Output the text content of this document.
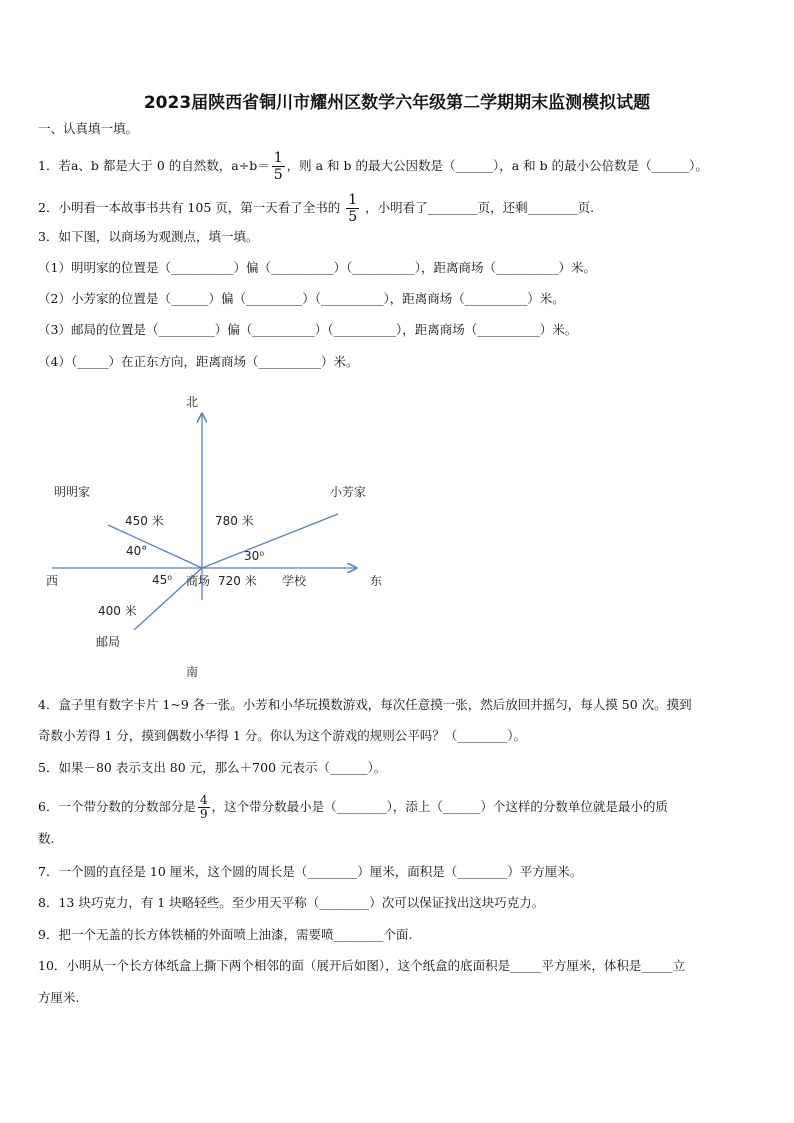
2023届陕西省铜川市耀州区数学六年级第二学期期末监测模拟试题
一、认真填一填。
1．若a、b 都是大于 0 的自然数，$a\div b= \frac{1}{5}$ ，则 a 和 b 的最大公因数是（______），a 和 b 的最小公倍数是（______）。
2．小明看一本故事书共有 105 页，第一天看了全书的 $\frac{1}{5}$ ，小明看了________页，还剩________页.
3．如下图，以商场为观测点，填一填。
（1）明明家的位置是（__________）偏（__________）（__________），距离商场（__________）米。
（2）小芳家的位置是（______）偏（_________）（__________），距离商场（__________）米。
（3）邮局的位置是（_________）偏（__________）（__________），距离商场（__________）米。
（4）（_____）在正东方向，距离商场（__________）米。
北
南
西	东
明明家	小芳家
邮局
商场	学校
450 米	780 米
720 米
400 米
40°	30⁰
45⁰
4．盒子里有数字卡片 1~9 各一张。小芳和小华玩摸数游戏，每次任意摸一张，然后放回并摇匀，每人摸 50 次。摸到
奇数小芳得 1 分，摸到偶数小华得 1 分。你认为这个游戏的规则公平吗？（________）。
5．如果－80 表示支出 80 元，那么＋700 元表示（______）。
6．一个带分数的分数部分是 $\frac{4}{9}$ ，这个带分数最小是（________），添上（______）个这样的分数单位就是最小的质
数.
7．一个圆的直径是 10 厘米，这个圆的周长是（________）厘米，面积是（________）平方厘米。
8．13 块巧克力，有 1 块略轻些。至少用天平称（________）次可以保证找出这块巧克力。
9．把一个无盖的长方体铁桶的外面喷上油漆，需要喷________个面.
10．小明从一个长方体纸盒上撕下两个相邻的面（展开后如图），这个纸盒的底面积是_____平方厘米，体积是_____立
方厘米.
